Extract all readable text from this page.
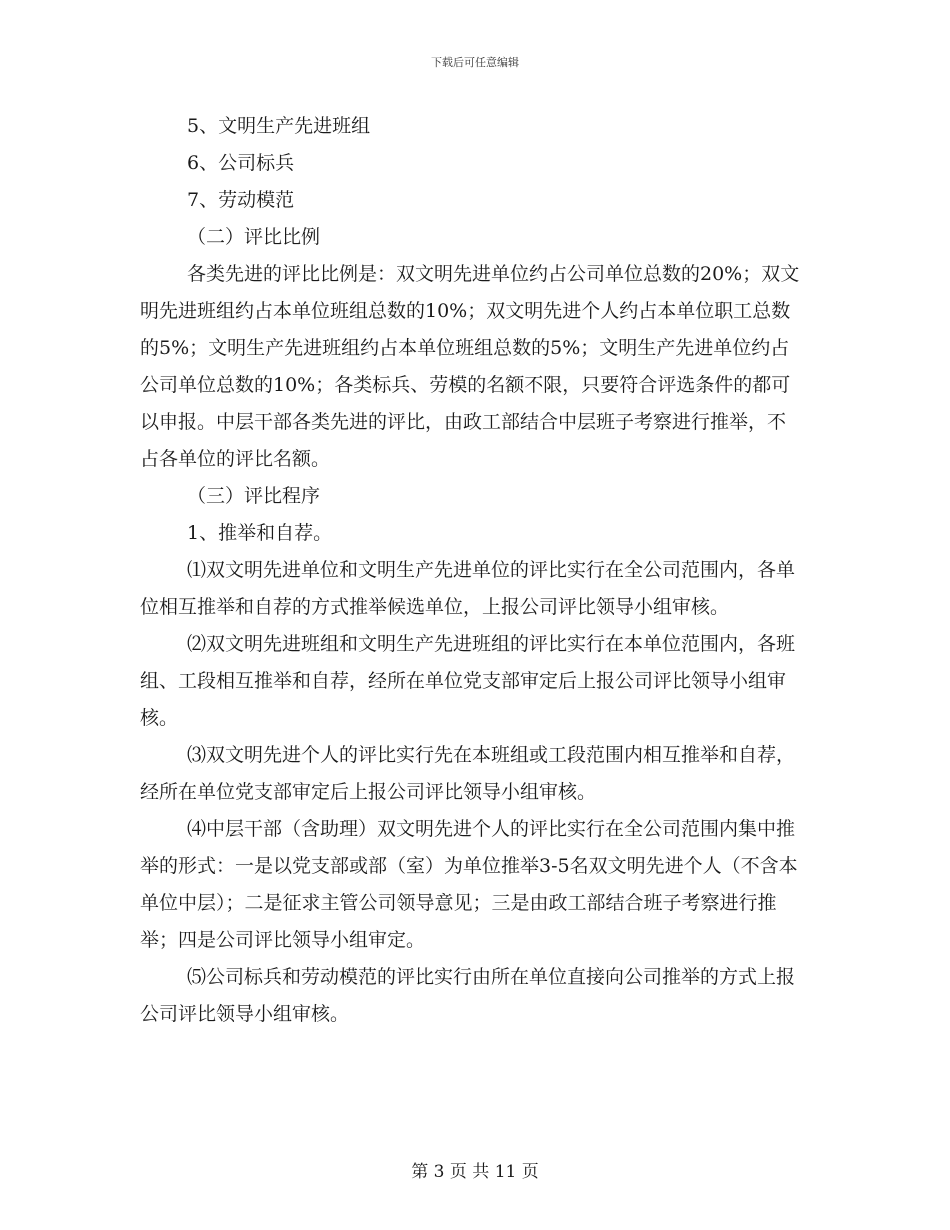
下载后可任意编辑

5、文明生产先进班组

6、公司标兵

7、劳动模范

（二）评比比例

各类先进的评比比例是：双文明先进单位约占公司单位总数的20%；双文明先进班组约占本单位班组总数的10%；双文明先进个人约占本单位职工总数的5%；文明生产先进班组约占本单位班组总数的5%；文明生产先进单位约占公司单位总数的10%；各类标兵、劳模的名额不限，只要符合评选条件的都可以申报。中层干部各类先进的评比，由政工部结合中层班子考察进行推举，不占各单位的评比名额。

（三）评比程序

1、推举和自荐。

⑴双文明先进单位和文明生产先进单位的评比实行在全公司范围内，各单位相互推举和自荐的方式推举候选单位，上报公司评比领导小组审核。

⑵双文明先进班组和文明生产先进班组的评比实行在本单位范围内，各班组、工段相互推举和自荐，经所在单位党支部审定后上报公司评比领导小组审核。

⑶双文明先进个人的评比实行先在本班组或工段范围内相互推举和自荐，经所在单位党支部审定后上报公司评比领导小组审核。

⑷中层干部（含助理）双文明先进个人的评比实行在全公司范围内集中推举的形式：一是以党支部或部（室）为单位推举3-5名双文明先进个人（不含本单位中层）；二是征求主管公司领导意见；三是由政工部结合班子考察进行推举；四是公司评比领导小组审定。

⑸公司标兵和劳动模范的评比实行由所在单位直接向公司推举的方式上报公司评比领导小组审核。

第 3 页 共 11 页
